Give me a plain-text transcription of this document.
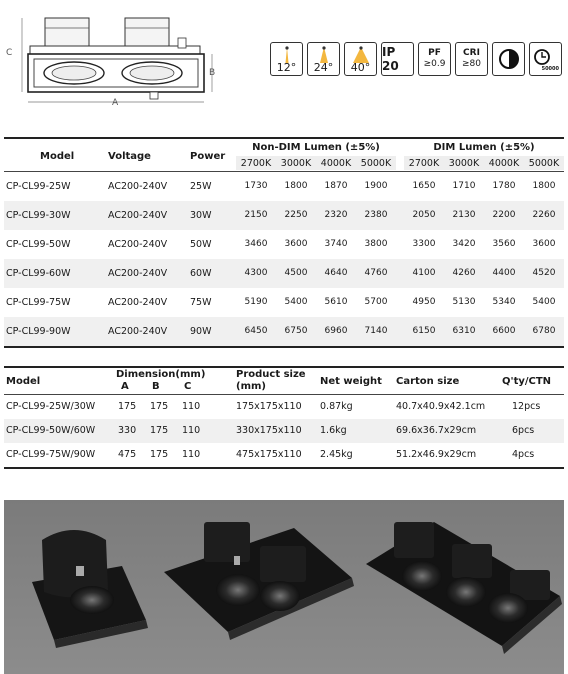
C
A
B	12° 24° 40°
IP 20
PF
≥0.9
CRI
≥80	50000
Model	Voltage	Power
Non-DIM Lumen (±5%)	DIM Lumen (±5%)
2700K	3000K	4000K	5000K	2700K	3000K	4000K	5000K
CP-CL99-25W	AC200-240V 25W	1730	1800	1870	1900	1650	1710	1780	1800
CP-CL99-30W	AC200-240V 30W	2150	2250	2320	2380	2050	2130	2200	2260
CP-CL99-50W	AC200-240V 50W	3460	3600	3740	3800	3300	3420	3560	3600
CP-CL99-60W	AC200-240V 60W	4300	4500	4640	4760	4100	4260	4400	4520
CP-CL99-75W	AC200-240V 75W	5190	5400	5610	5700	4950	5130	5340	5400
CP-CL99-90W	AC200-240V 90W	6450	6750	6960	7140	6150	6310	6600	6780
Model
Dimension(mm)
A B C
Product size
(mm)	Net weight Carton size	Q'ty/CTN
CP-CL99-25W/30W 175 175 110	175x175x110 0.87kg	40.7x40.9x42.1cm	12pcs
CP-CL99-50W/60W 330 175 110	330x175x110 1.6kg	69.6x36.7x29cm	6pcs
CP-CL99-75W/90W 475 175 110	475x175x110 2.45kg	51.2x46.9x29cm	4pcs
